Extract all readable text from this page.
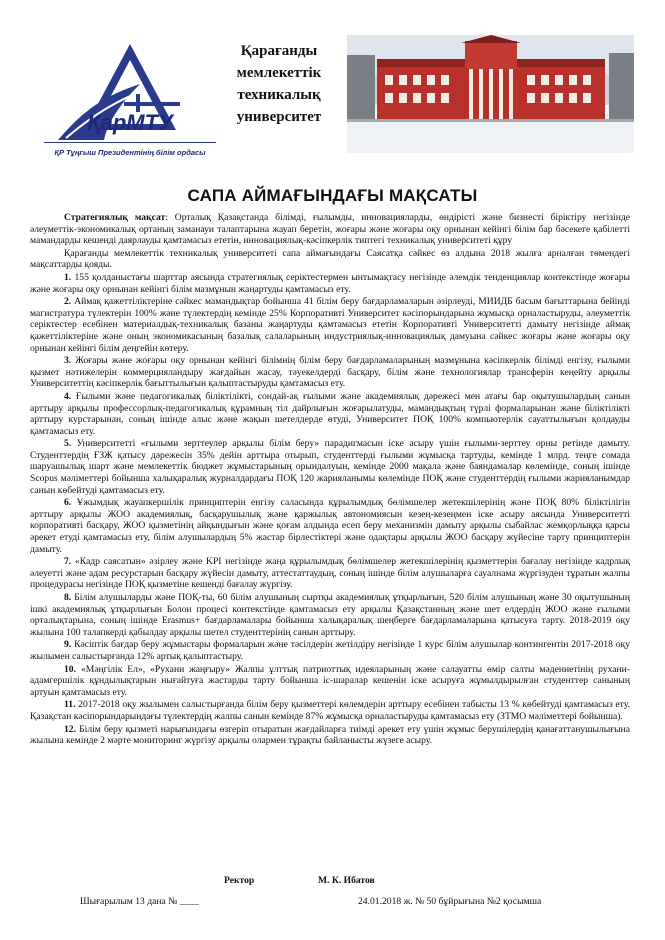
ҚарМТУ
ҚР Тұңғыш Президентінің білім ордасы
Қарағанды
мемлекеттік
техникалық
университет
САПА АЙМАҒЫНДАҒЫ МАҚСАТЫ

Стратегиялық мақсат: Орталық Қазақстанда білімді, ғылымды, инновацияларды, өндірісті және бизнесті біріктіру негізінде әлеуметтік-экономикалық ортаның заманауи талаптарына жауап беретін, жоғары және жоғары оқу орнынан кейінгі білім бар бәсекеге қабілетті мамандарды кешенді даярлауды қамтамасыз ететін, инновациялық-кәсіпкерлік типтегі техникалық университеті құру

Қарағанды мемлекеттік техникалық университеті сапа аймағындағы Саясатқа сәйкес өз алдына 2018 жылға арналған төмендегі мақсаттарды қояды.

1. 155 қолданыстағы шарттар аясында стратегиялық серіктестермен ынтымақтасу негізінде әлемдік тенденциялар контекстінде жоғары және жоғары оқу орнынан кейінгі білім мазмұнын жаңартуды қамтамасыз ету.

2. Аймақ қажеттіліктеріне сәйкес мамандықтар бойынша 41 білім беру бағдарламаларын әзірлеуді, МИИДБ басым бағыттарына бейінді магистратура түлектерін 100% және түлектердің кемінде 25% Корпоративті Университет кәсіпорындарына жұмысқа орналастыруды, әлеуметтік серіктестер есебінен материалдық-техникалық базаны жаңартуды қамтамасыз ететін Корпоративті Университетті дамыту негізінде аймақ қажеттіліктеріне және оның экономикасының базалық салаларының индустриялық-инновациялық дамуына сәйкес жоғары және жоғары оқу орнынан кейінгі білім деңгейін көтеру.

3. Жоғары және жоғары оқу орнынан кейінгі білімнің білім беру бағдарламаларының мазмұнына кәсіпкерлік білімді енгізу, ғылыми қызмет нәтижелерін коммерцияландыру жағдайын жасау, тәуекелдерді басқару, білім және технологиялар трансферін кеңейту арқылы Университеттің кәсіпкерлік бағыттылығын қалыптастыруды қамтамасыз ету.

4. Ғылыми және педагогикалық біліктілікті, сондай-ақ ғылыми және академиялық дәрежесі мен атағы бар оқытушылардың санын арттыру арқылы профессорлық-педагогикалық құрамның тіл дайрлығын жоғарылатуды, мамандықтың түрлі формаларынан және біліктілікті арттыру курстарынан, соның ішінде алыс және жақын шетелдерде өтуді, Университет ПОҚ 100% компьютерлік сауаттылығын қолдауды қамтамасыз ету.

5. Университетті «ғылыми зерттеулер арқылы білім беру» парадигмасын іске асыру үшін ғылыми-зерттеу орны ретінде дамыту. Студенттердің ҒЗЖ қатысу дәрежесін 35% дейін арттыра отырып, студенттерді ғылыми жұмысқа тартуды, кемінде 1 млрд. теңге сомада шаруашылық шарт және мемлекеттік бюджет жұмыстарының орындалуын, кемінде 2000 мақала және баяндамалар көлемінде, соның ішінде Scopus мәліметтері бойынша халықаралық журналдардағы ПОҚ 120 жарияланымы көлемінде ПОҚ және студенттердің ғылыми жарияланымдар санын көбейтуді қамтамасыз ету.

6. Ұжымдық жауапкершілік принциптерін енгізу саласында құрылымдық бөлімшелер жетекшілерінің және ПОҚ 80% біліктілігін арттыру арқылы ЖОО академиялық, басқарушылық және қаржылық автономиясын кезең-кезеңмен іске асыру аясында Университетті корпоративті басқару, ЖОО қызметінің айқындығын және қоғам алдында есеп беру механизмін дамыту арқылы сыбайлас жемқорлыққа қарсы әрекет етуді қамтамасыз ету, білім алушылардың 5% жастар бірлестіктері және одақтары арқылы ЖОО басқару жүйесіне тарту принциптерін дамыту.

7. «Кадр саясатын» әзірлеу және KPI негізінде жаңа құрылымдық бөлімшелер жетекшілерінің қызметтерін бағалау негізінде кадрлық әлеуетті және адам ресурстарын басқару жүйесін дамыту, аттестаттаудың, соның ішінде білім алушыларға сауалнама жүргізуден тұратын жалпы процедурасы негізінде ПОҚ қызметіне кешенді бағалау жүргізу.

8. Білім алушыларды және ПОҚ-ты, 60 білім алушының сыртқы академиялық ұтқырлығын, 520 білім алушының және 30 оқытушының ішкі академиялық ұтқырлығын Болон процесі контекстінде қамтамасыз ету арқылы Қазақстанның және шет елдердің ЖОО және ғылыми орталықтарына, соның ішінде Erasmus+ бағдарламалары бойынша халықаралық шеңберге бағдарламаларына қатысуға тарту. 2018-2019 оқу жылына 100 талапкерді қабылдау арқылы шетел студенттерінің санын арттыру.

9. Кәсіптік бағдар беру жұмыстары формаларын және тәсілдерін жетілдіру негізінде 1 курс білім алушылар контингентін 2017-2018 оқу жылымен салыстырғанда 12% артық қалыптастыру.

10. «Мәңгілік Ел», «Рухани жаңғыру» Жалпы ұлттық патриоттық идеяларының және салауатты өмір салты мәдениетінің рухани-адамгершілік құндылықтарын нығайтуға жастарды тарту бойынша іс-шаралар кешенін іске асыруға жұмылдырылған студенттер санының артуын қамтамасыз ету.

11. 2017-2018 оқу жылымен салыстырғанда білім беру қызметтері көлемдерін арттыру есебінен табысты 13 % көбейтуді қамтамасыз ету. Қазақстан кәсіпорындарындағы түлектердің жалпы санын кемінде 87% жұмысқа орналастыруды қамтамасыз ету (ЗТМО мәліметтері бойынша).

12. Білім беру қызметі нарығындағы өзгеріп отыратын жағдайларға тиімді әрекет ету үшін жұмыс берушілердің қанағаттанушылығына жылына кемінде 2 мәрте мониторинг жүргізу арқылы олармен тұрақты байланысты жүзеге асыру.

Ректор	М. К. Ибатов
Шығарылым 13 дана № ____	24.01.2018 ж. № 50 бұйрығына №2 қосымша
